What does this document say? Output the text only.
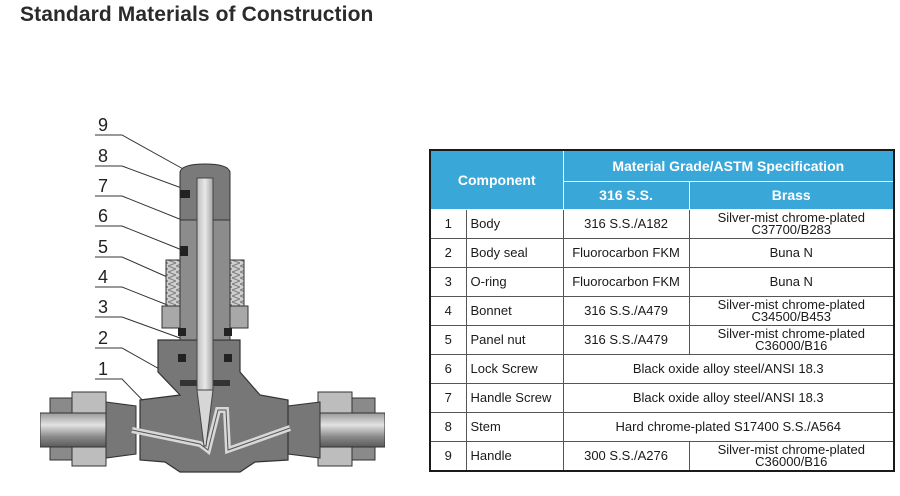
Standard Materials of Construction
9
8
7
6
5
4
3
2
1
Component		Material Grade/ASTM Specification	
		316 S.S.	Brass
1	Body	316 S.S./A182	Silver-mist chrome-plated C37700/B283
2	Body seal	Fluorocarbon FKM	Buna N
3	O-ring	Fluorocarbon FKM	Buna N
4	Bonnet	316 S.S./A479	Silver-mist chrome-plated C34500/B453
5	Panel nut	316 S.S./A479	Silver-mist chrome-plated C36000/B16
6	Lock Screw	Black oxide alloy steel/ANSI 18.3	
7	Handle Screw	Black oxide alloy steel/ANSI 18.3	
8	Stem	Hard chrome-plated S17400 S.S./A564	
9	Handle	300 S.S./A276	Silver-mist chrome-plated C36000/B16
